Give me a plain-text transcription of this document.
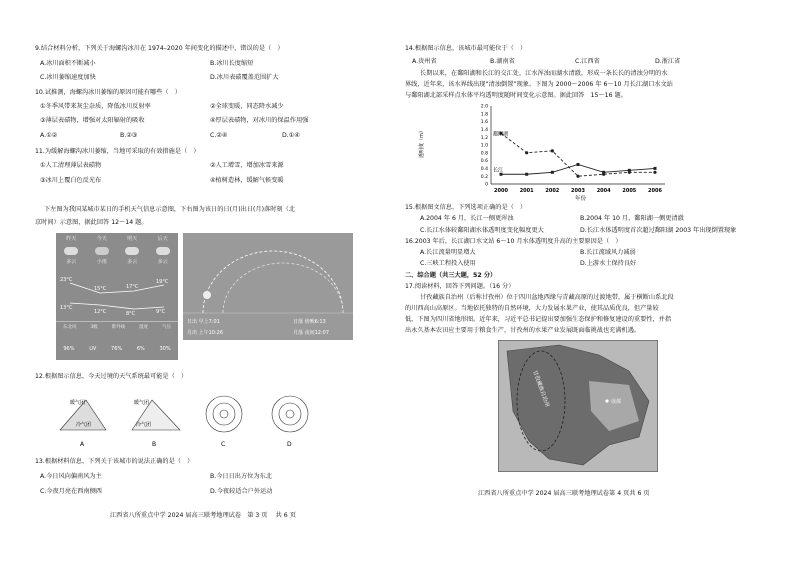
9.结合材料分析，下列关于海螺沟冰川在 1974–2020 年间变化的描述中，错误的是（　）
A.冰川面积不断减小	B.冰川长度缩短
C.冰川萎缩速度加快	D.冰川表碛覆盖范围扩大
10.试推测，海螺沟冰川萎缩的原因可能有哪些（　）
①冬季风带来灰尘杂质，降低冰川反射率	②全球变暖，同态降水减少
③薄层表碛物，增强对太阳辐射的吸收	④厚层表碛物，对冰川的保温作用强
A.①②	B.②③	C.②④	D.①④
11.为缓解海螺沟冰川萎缩，当地可采取的有效措施是（　）
①人工清理薄层表碛物	②人工增雪，增加冰雪来源
③冰川上覆白色反光布	④植树造林，缓解气候变暖
下左图为我国某城市某日的手机天气信息示意图，下右图为该日的日(月)出日(月)落时刻（北
京时间）示意图，据此回答 12～14 题。
昨天	今天	明天	后天
多云	小雨	多云	多云
23°C
15°C	17°C
19°C
13°C
12°C	8°C	9°C
东北风	3级	紫外线	湿度	气压
96%	UV	76%	6%	30%
日出 早上7:01	日落 傍晚6:13
月出 上午10:26	月落 夜间12:07
12.根据图示信息，今天过境的天气系统最可能是（　）
暖气团
冷气团
暖气团
冷气团
A	B	C	D
13.根据材料信息，下列关于该城市的说法正确的是（　）
A.今日风向偏南风为主	B.今日日出方位为东北
C.今夜月亮在西南侧西	D.今夜较适合户外运动
江西省八所重点中学 2024 届高三联考地理试卷　第 3 页　 共 6 页
14.根据图示信息，该城市最可能位于（　）
A.贵州省	B.湖南省	C.江西省	D.浙江省
长期以来，在鄱阳湖和长江的交汇处，江水浑浊而湖水清澈，形成一条长长的清浊分明的水
界线，近年来，该水界线出现“清浊倒置”现象。下图为 2000～2006 年 6～10 月长江湖口水文站
与鄱阳湖北部采样点水体平均透明度随时间变化示意图。据此回答　15～16 题。
透明度（m）
0
0.2
0.4
0.6
0.8
1.0
1.2
1.4
1.6
1.8
2.0
2000 2001 2002 2003 2004 2005 2006
鄱阳湖
长江
年份
15.根据图文信息，下列选项正确的是（　）
A.2004 年 6 月，长江一侧更浑浊	B.2004 年 10 月，鄱阳湖一侧更清澈
C.长江水体较鄱阳湖水体透明度变化幅度更大	D.长江水体透明度首次超过鄱阳湖 2003 年出现倒置现象
16.2003 年后，长江湖口水文站 6～10 月水体透明度升高的主要原因是（　）
A.长江流量明显增大	B.长江流域风力减弱
C.三峡工程投入使用	D.上游水土保持良好
二、综合题（共三大题，52 分）
17.阅读材料，回答下列问题。（16 分）
甘孜藏族自治州（后称甘孜州）位于四川盆地西缘与青藏高原的过渡地带，属于横断山系北段
的川西高山高原区。当地依托独特的自然环境，大力发展水果产业，使其品质优良，但产量较
低，下图为四川省地形图。近年来，习近平总书记提出要加强生态保护和修复建设的重要性，并指
出永久基本农田应主要用于粮食生产，甘孜州的水果产业发展既面临挑战也充满机遇。
甘孜藏族自治州	成都
江西省八所重点中学 2024 届高三联考地理试卷第 4 页共 6 页
